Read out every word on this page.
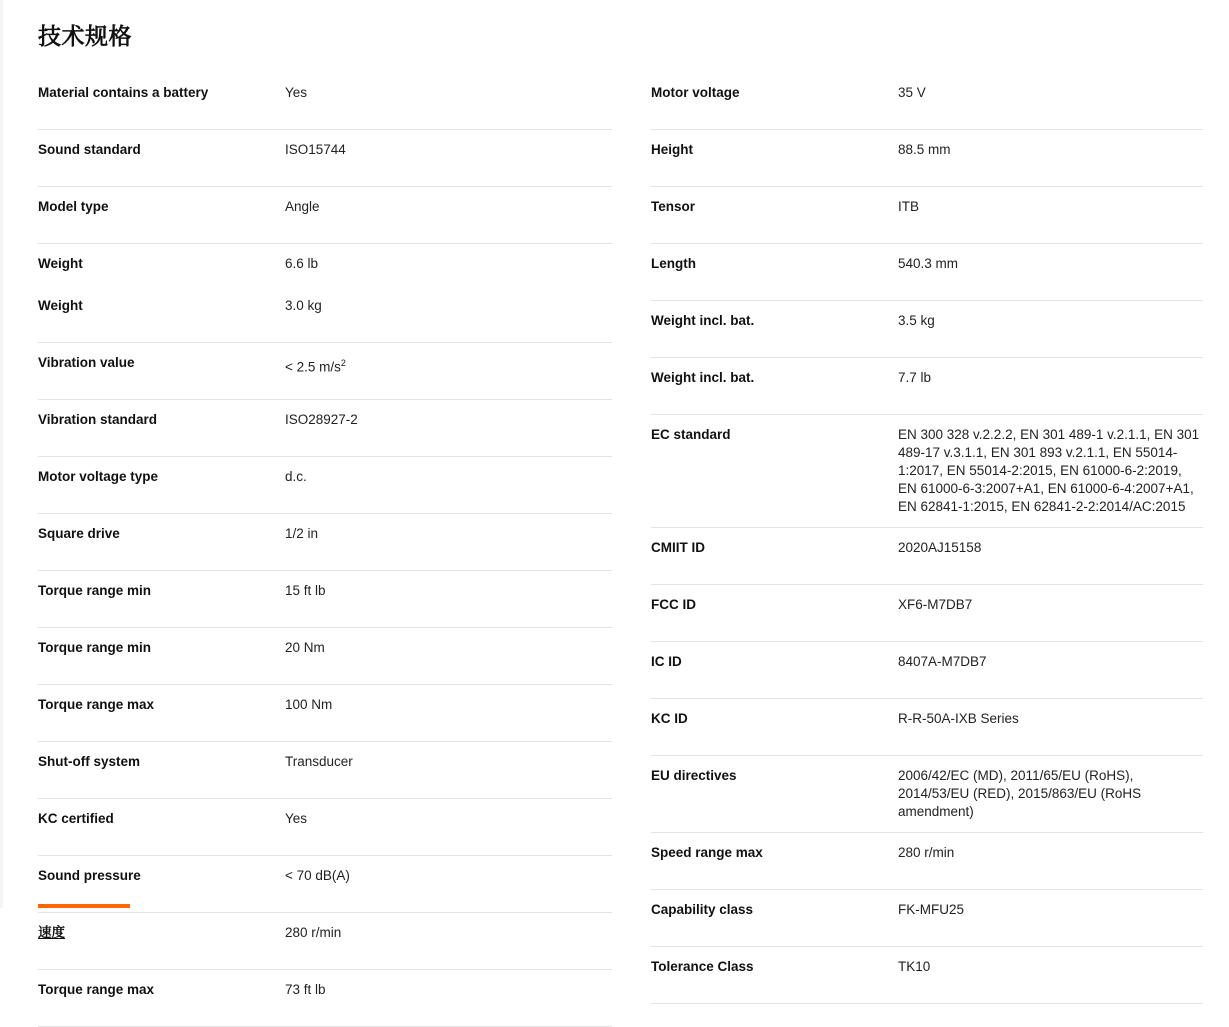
技术规格
Material contains a battery	Yes
Sound standard	ISO15744
Model type	Angle
Weight	6.6 lb
Weight	3.0 kg
Vibration value	< 2.5 $m/s^2$
Vibration standard	ISO28927-2
Motor voltage type	d.c.
Square drive	1/2 in
Torque range min	15 ft lb
Torque range min	20 Nm
Torque range max	100 Nm
Shut-off system	Transducer
KC certified	Yes
Sound pressure	< 70 dB(A)
速度	280 r/min
Torque range max	73 ft lb
Motor voltage	35 V
Height	88.5 mm
Tensor	ITB
Length	540.3 mm
Weight incl. bat.	3.5 kg
Weight incl. bat.	7.7 lb
EC standard	EN 300 328 v.2.2.2, EN 301 489-1 v.2.1.1, EN 301 489-17 v.3.1.1, EN 301 893 v.2.1.1, EN 55014-1:2017, EN 55014-2:2015, EN 61000-6-2:2019, EN 61000-6-3:2007+A1, EN 61000-6-4:2007+A1, EN 62841-1:2015, EN 62841-2-2:2014/AC:2015
CMIIT ID	2020AJ15158
FCC ID	XF6-M7DB7
IC ID	8407A-M7DB7
KC ID	R-R-50A-IXB Series
EU directives	2006/42/EC (MD), 2011/65/EU (RoHS), 2014/53/EU (RED), 2015/863/EU (RoHS amendment)
Speed range max	280 r/min
Capability class	FK-MFU25
Tolerance Class	TK10
